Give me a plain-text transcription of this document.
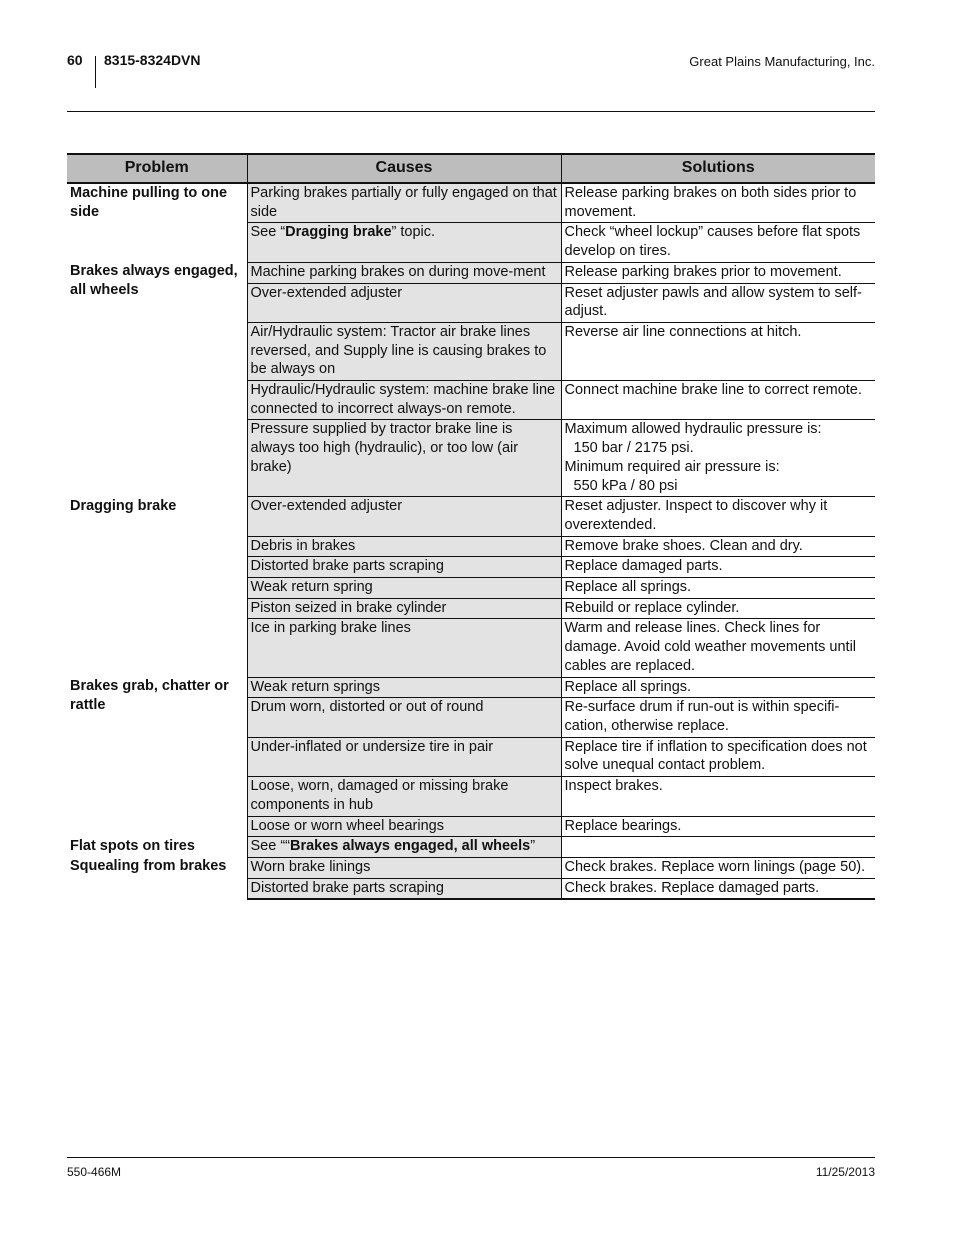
60 8315-8324DVN	Great Plains Manufacturing, Inc.
Problem	Causes	Solutions
Machine pulling to one side	Parking brakes partially or fully engaged on that side	Release parking brakes on both sides prior to movement.
	See “Dragging brake” topic.	Check “wheel lockup” causes before flat spots develop on tires.
Brakes always engaged, all wheels	Machine parking brakes on during move-ment	Release parking brakes prior to movement.
	Over-extended adjuster	Reset adjuster pawls and allow system to self-adjust.
	Air/Hydraulic system: Tractor air brake lines reversed, and Supply line is causing brakes to be always on	Reverse air line connections at hitch.
	Hydraulic/Hydraulic system: machine brake line connected to incorrect always-on remote.	Connect machine brake line to correct remote.
	Pressure supplied by tractor brake line is always too high (hydraulic), or too low (air brake)	Maximum allowed hydraulic pressure is:
150 bar / 2175 psi.
Minimum required air pressure is:
550 kPa / 80 psi

Dragging brake	Over-extended adjuster	Reset adjuster. Inspect to discover why it overextended.
	Debris in brakes	Remove brake shoes. Clean and dry.
	Distorted brake parts scraping	Replace damaged parts.
	Weak return spring	Replace all springs.
	Piston seized in brake cylinder	Rebuild or replace cylinder.
	Ice in parking brake lines	Warm and release lines. Check lines for damage. Avoid cold weather movements until cables are replaced.
Brakes grab, chatter or rattle	Weak return springs	Replace all springs.
	Drum worn, distorted or out of round	Re-surface drum if run-out is within specifi-cation, otherwise replace.
	Under-inflated or undersize tire in pair	Replace tire if inflation to specification does not solve unequal contact problem.
	Loose, worn, damaged or missing brake components in hub	Inspect brakes.
	Loose or worn wheel bearings	Replace bearings.
Flat spots on tires	See ““Brakes always engaged, all wheels”	
Squealing from brakes	Worn brake linings	Check brakes. Replace worn linings (page 50).
	Distorted brake parts scraping	Check brakes. Replace damaged parts.
550-466M	11/25/2013
